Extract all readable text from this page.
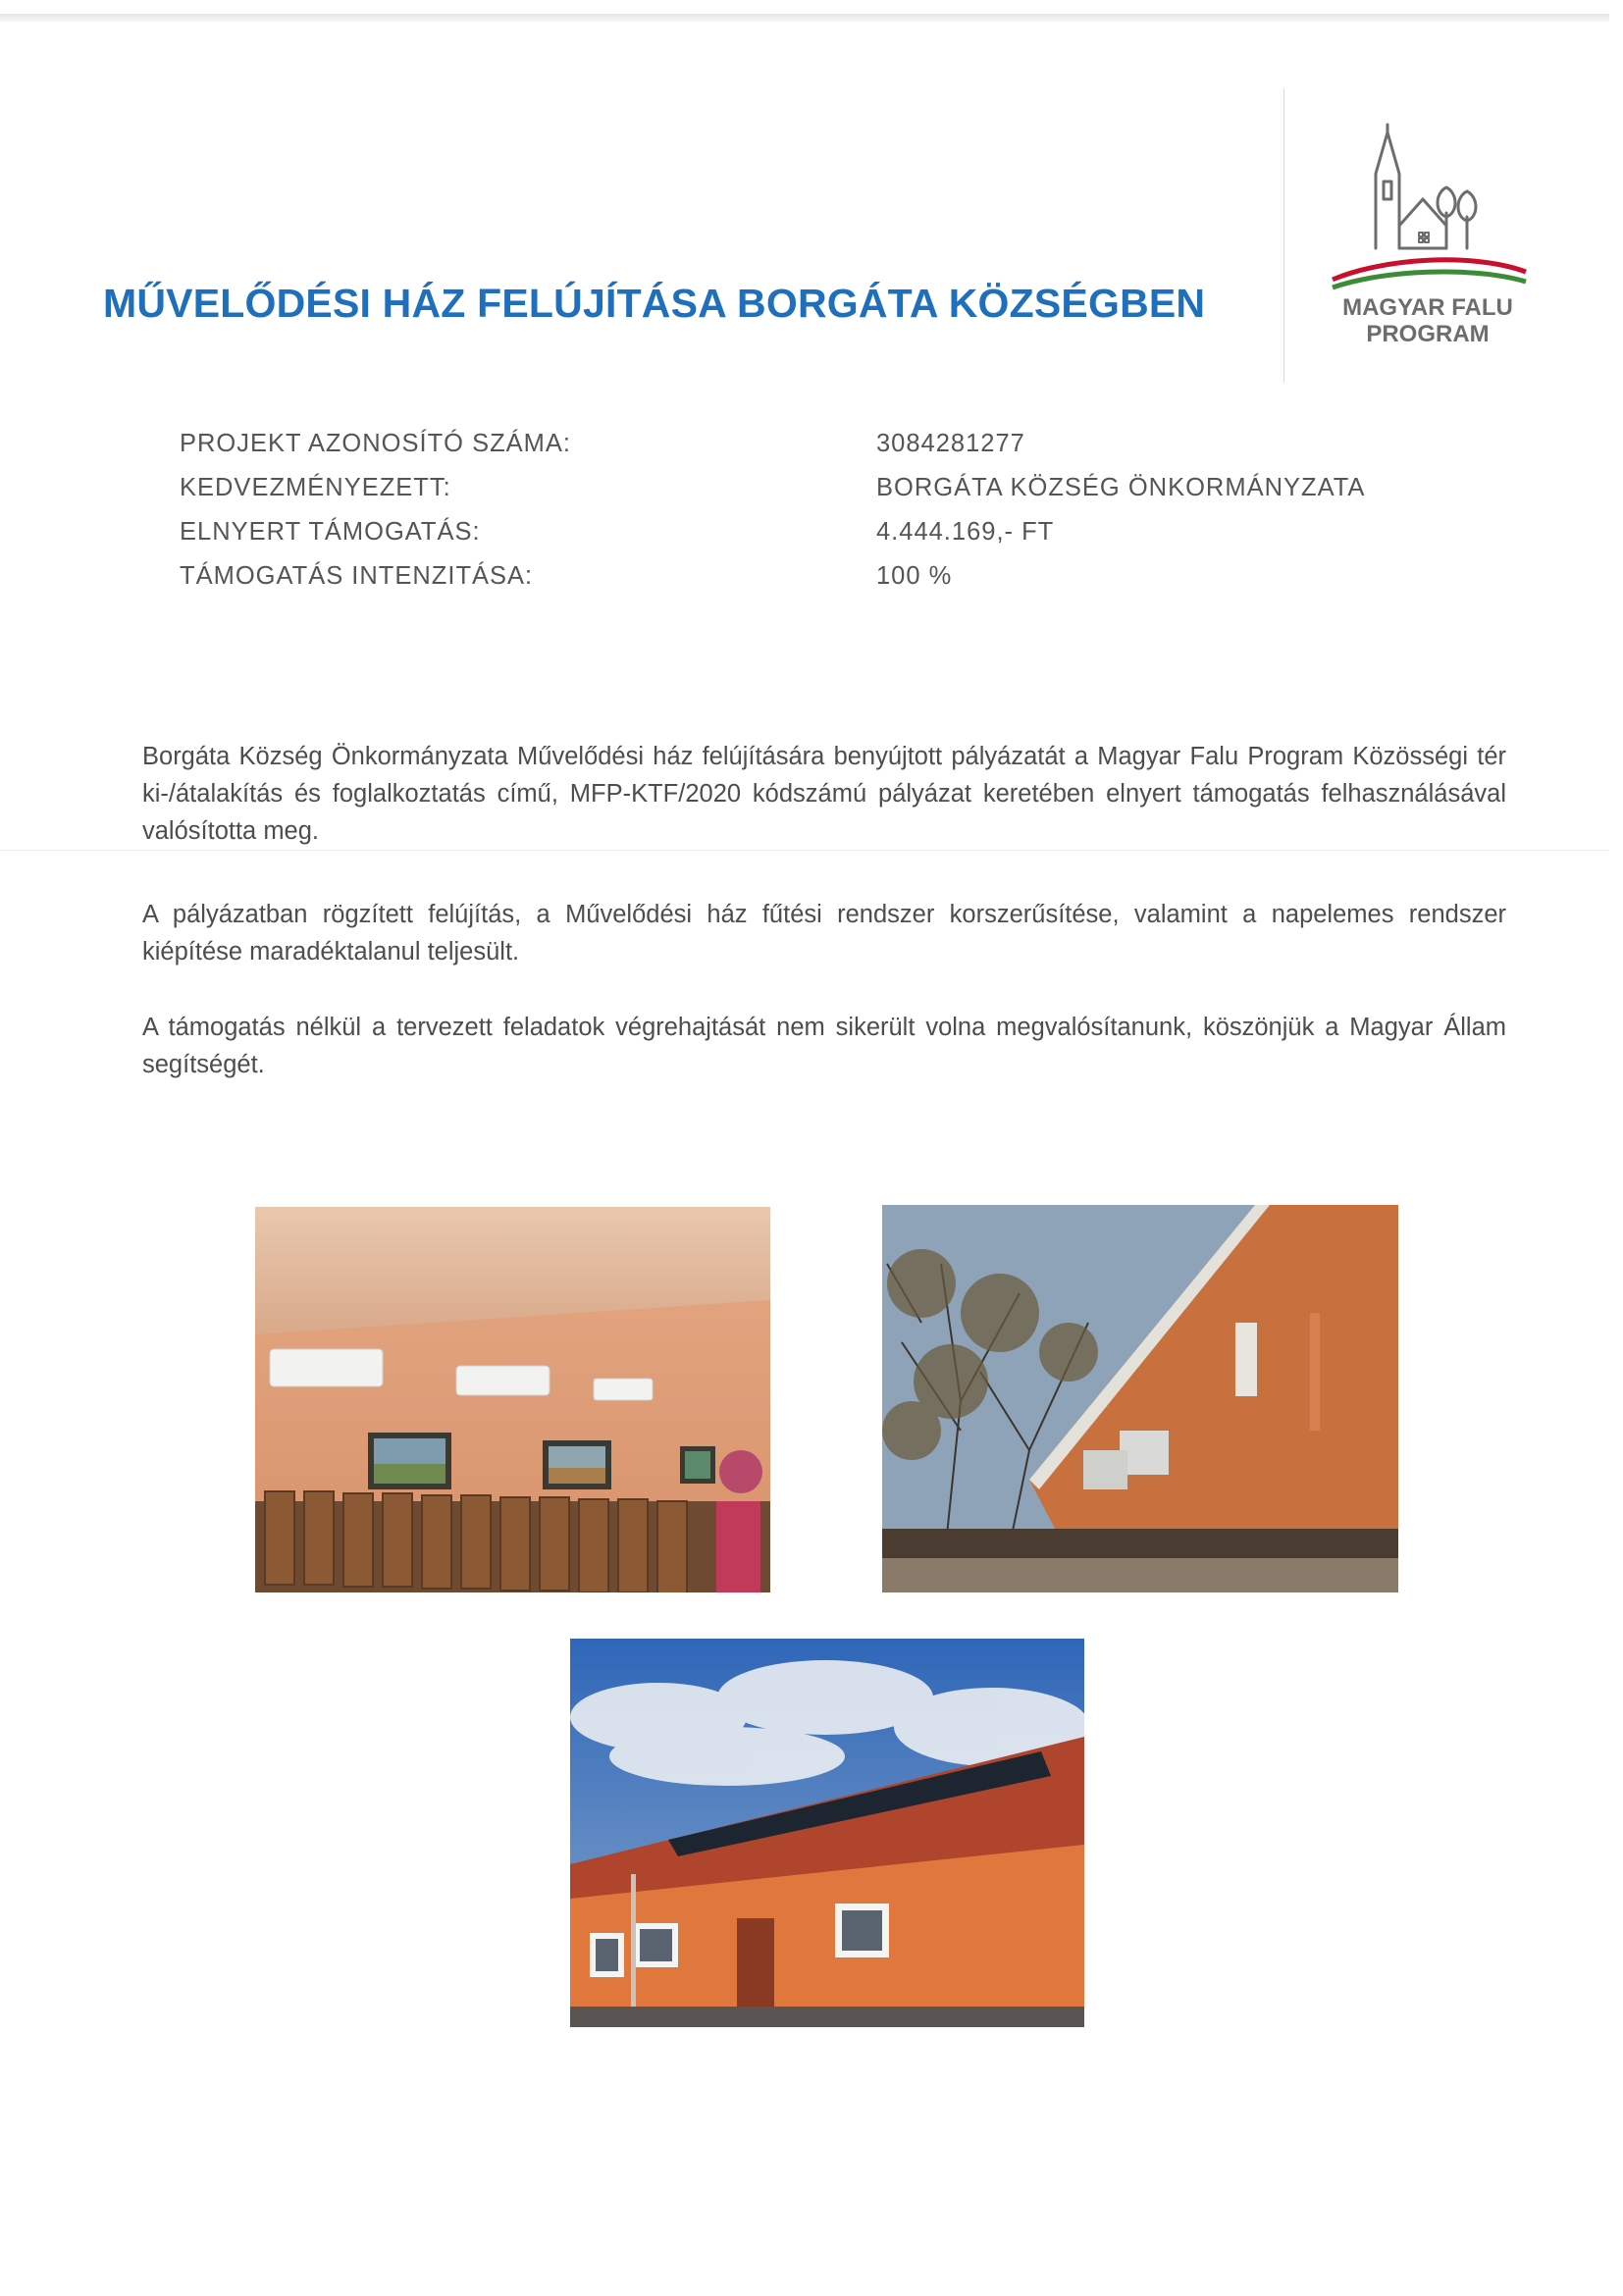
MŰVELŐDÉSI HÁZ FELÚJÍTÁSA BORGÁTA KÖZSÉGBEN	MAGYAR FALU
PROGRAM
PROJEKT AZONOSÍTÓ SZÁMA:	3084281277
KEDVEZMÉNYEZETT:	BORGÁTA KÖZSÉG ÖNKORMÁNYZATA
ELNYERT TÁMOGATÁS:	4.444.169,- FT
TÁMOGATÁS INTENZITÁSA:	100 %

Borgáta Község Önkormányzata Művelődési ház felújítására benyújtott pályázatát a Magyar Falu Program Közösségi tér ki-/átalakítás és foglalkoztatás című, MFP-KTF/2020 kódszámú pályázat keretében elnyert támogatás felhasználásával valósította meg.

A pályázatban rögzített felújítás, a Művelődési ház fűtési rendszer korszerűsítése, valamint a napelemes rendszer kiépítése maradéktalanul teljesült.

A támogatás nélkül a tervezett feladatok végrehajtását nem sikerült volna megvalósítanunk, köszönjük a Magyar Állam segítségét.
